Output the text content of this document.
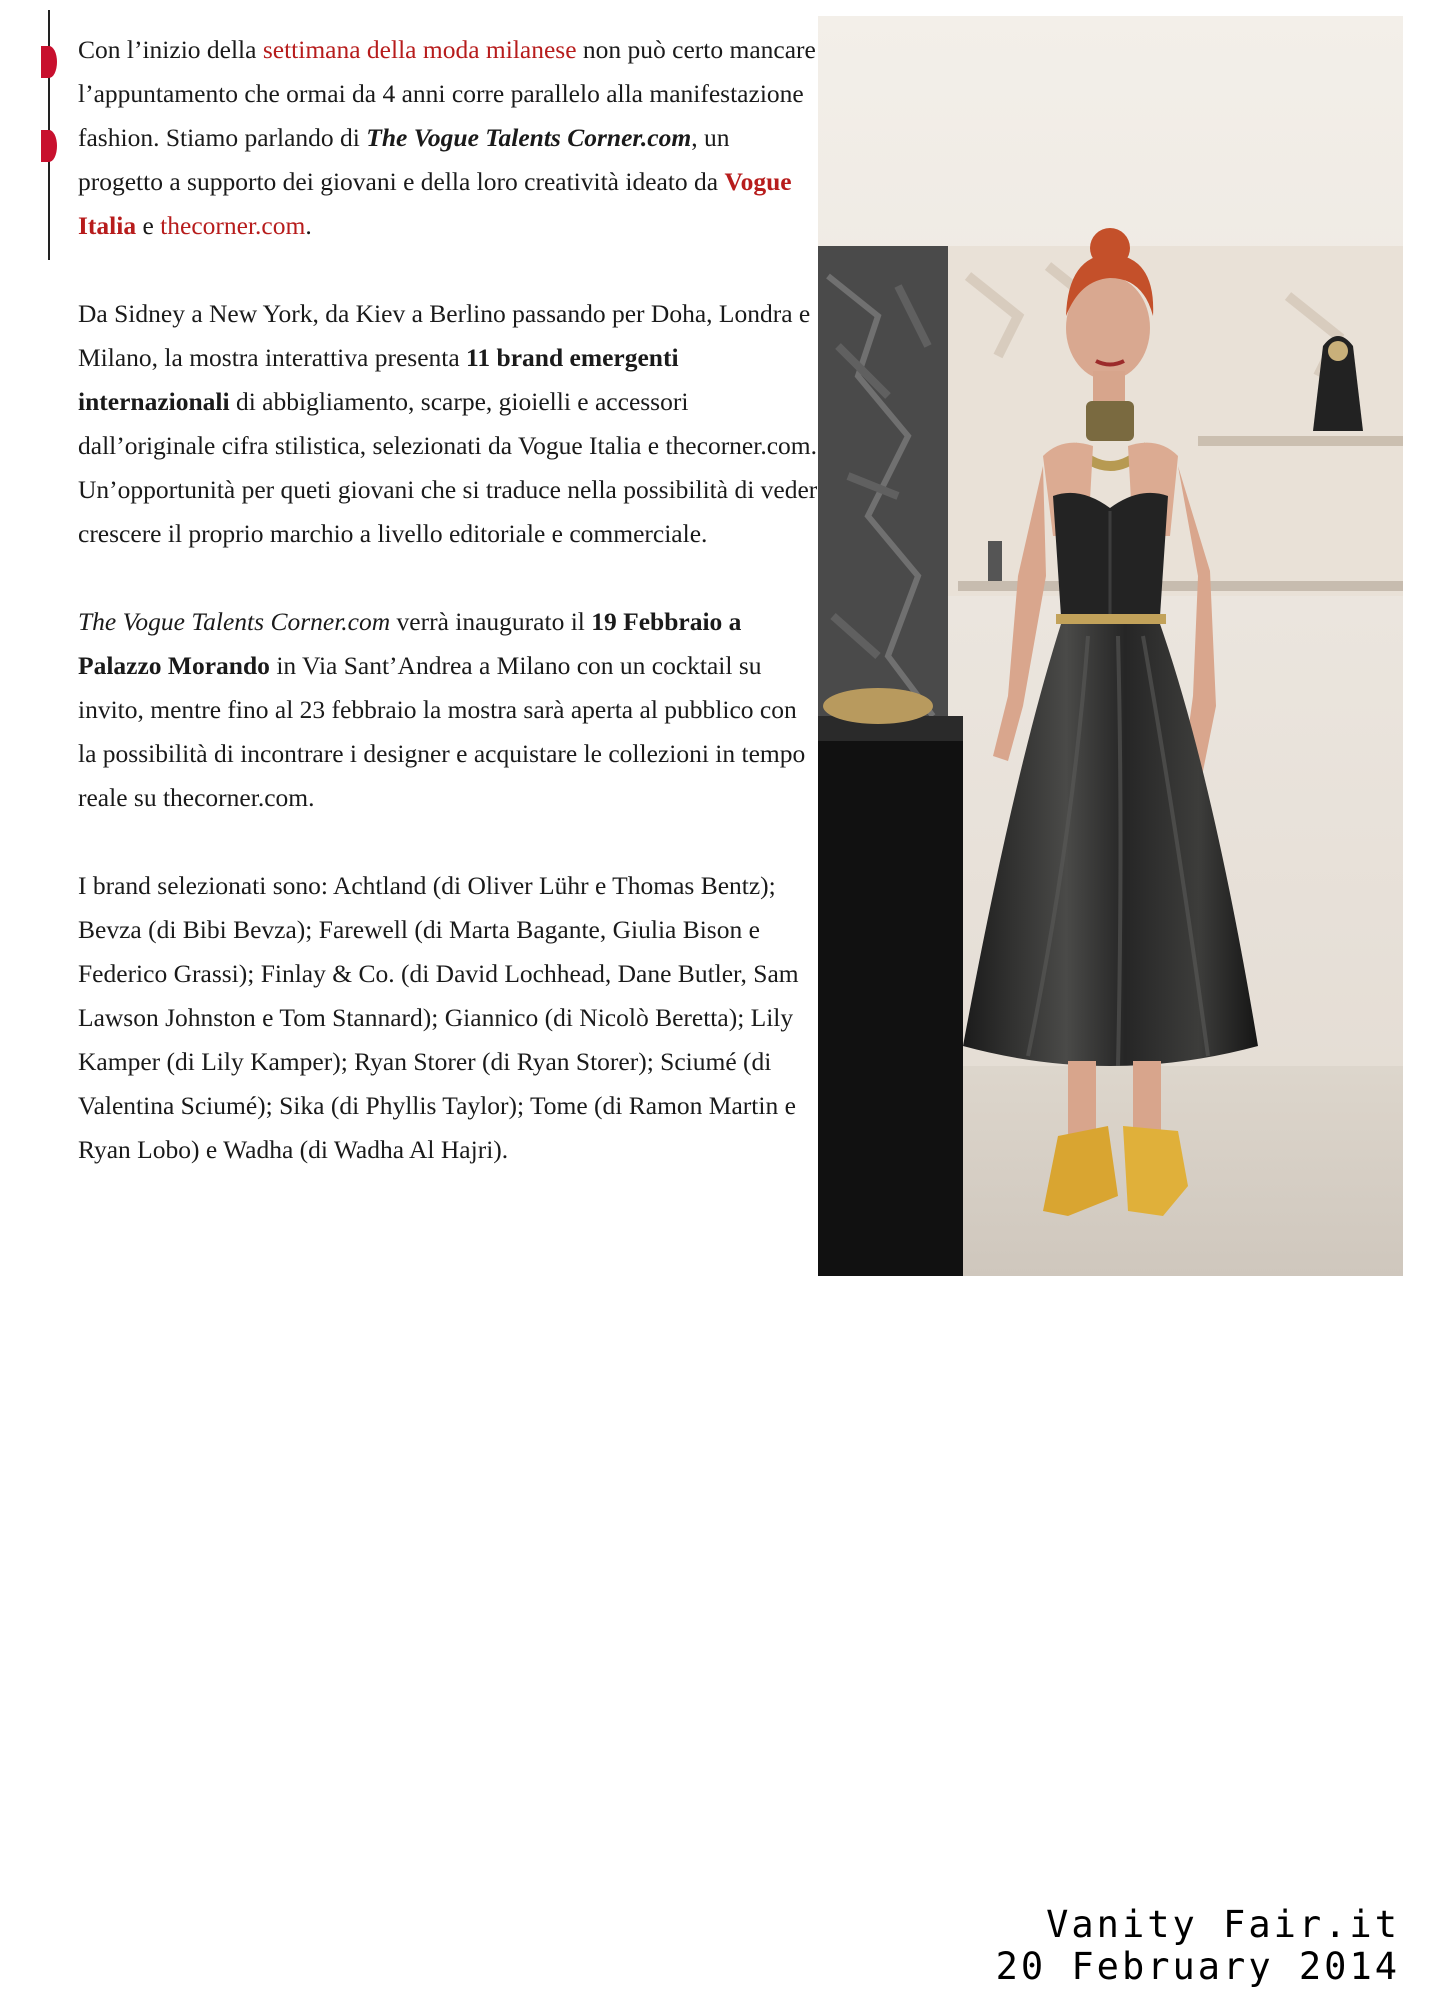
Con l’inizio della settimana della moda milanese non può certo mancare l’appuntamento che ormai da 4 anni corre parallelo alla manifestazione fashion. Stiamo parlando di The Vogue Talents Corner.com, un progetto a supporto dei giovani e della loro creatività ideato da Vogue Italia e thecorner.com.

Da Sidney a New York, da Kiev a Berlino passando per Doha, Londra e Milano, la mostra interattiva presenta 11 brand emergenti internazionali di abbigliamento, scarpe, gioielli e accessori dall’originale cifra stilistica, selezionati da Vogue Italia e thecorner.com. Un’opportunità per queti giovani che si traduce nella possibilità di veder crescere il proprio marchio a livello editoriale e commerciale.

The Vogue Talents Corner.com verrà inaugurato il 19 Febbraio a Palazzo Morando in Via Sant’Andrea a Milano con un cocktail su invito, mentre fino al 23 febbraio la mostra sarà aperta al pubblico con la possibilità di incontrare i designer e acquistare le collezioni in tempo reale su thecorner.com.

I brand selezionati sono: Achtland (di Oliver Lühr e Thomas Bentz); Bevza (di Bibi Bevza); Farewell (di Marta Bagante, Giulia Bison e Federico Grassi); Finlay & Co. (di David Lochhead, Dane Butler, Sam Lawson Johnston e Tom Stannard); Giannico (di Nicolò Beretta); Lily Kamper (di Lily Kamper); Ryan Storer (di Ryan Storer); Sciumé (di Valentina Sciumé); Sika (di Phyllis Taylor); Tome (di Ramon Martin e Ryan Lobo) e Wadha (di Wadha Al Hajri).

Vanity Fair.it
20 February 2014
